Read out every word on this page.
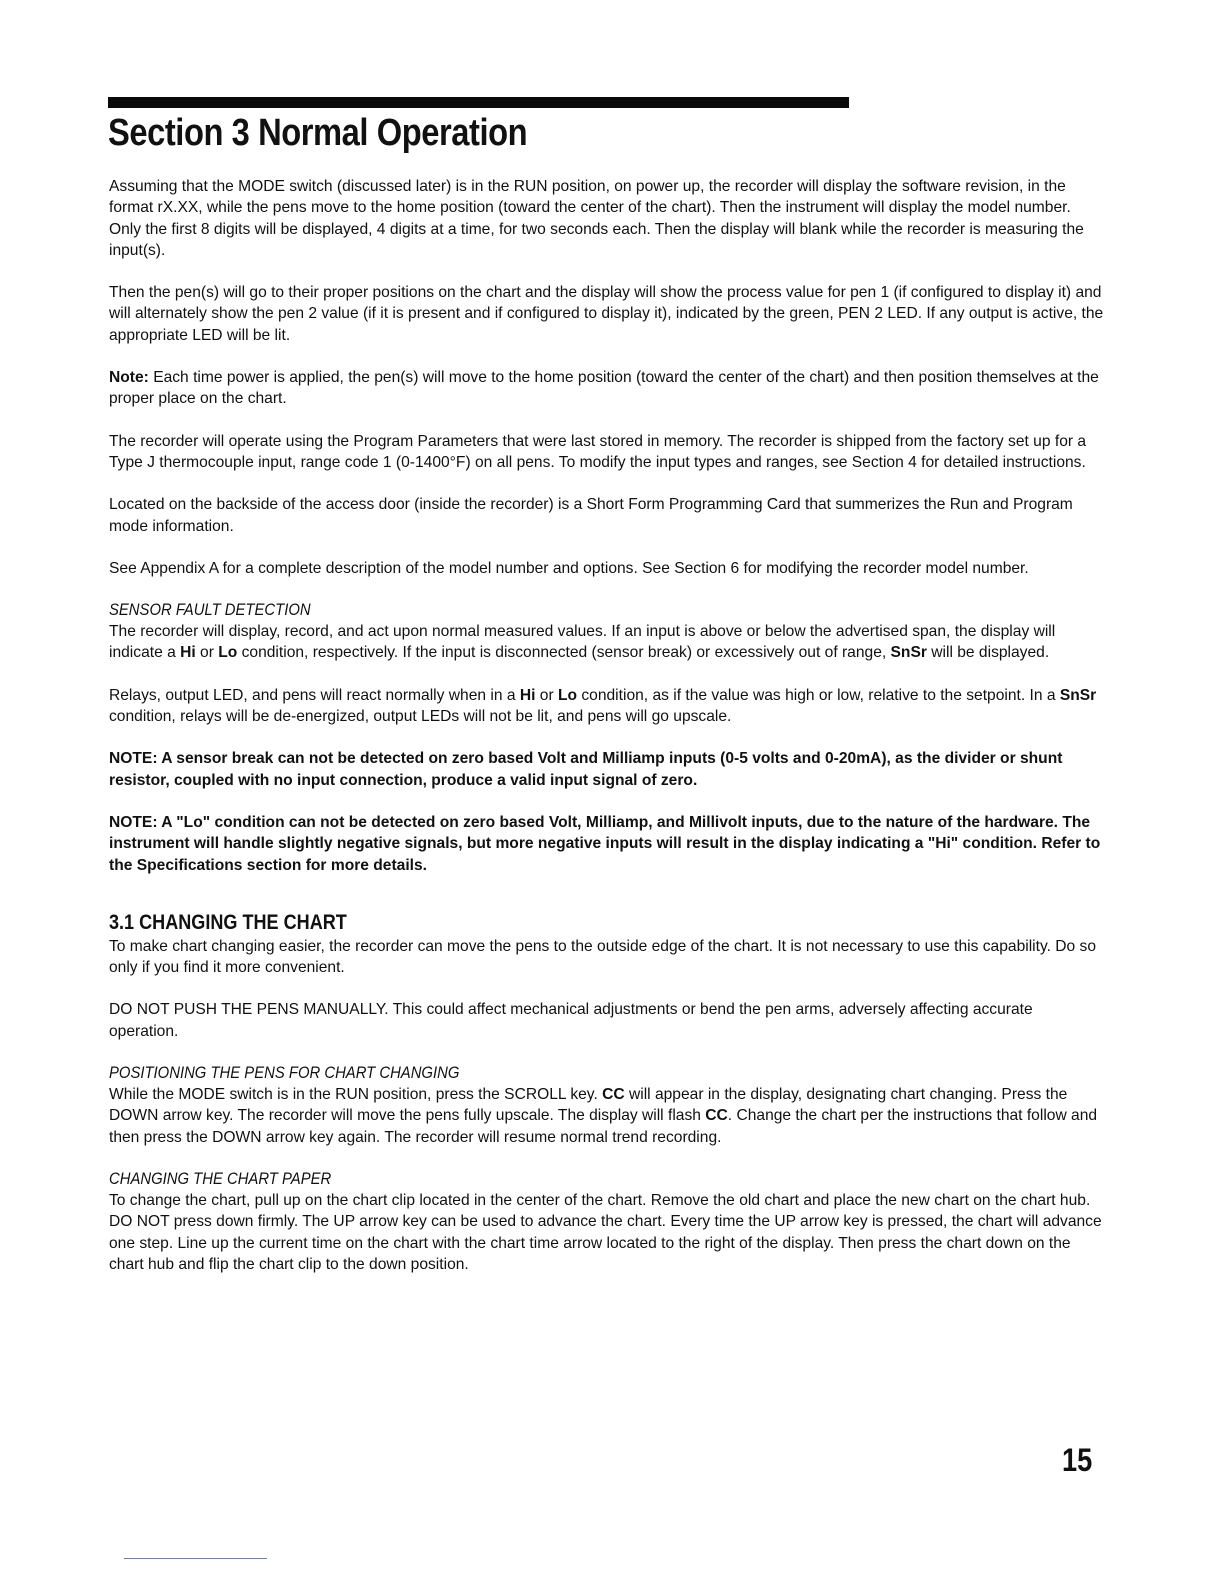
Section 3 Normal Operation

Assuming that the MODE switch (discussed later) is in the RUN position, on power up, the recorder will display the software revision, in the format rX.XX, while the pens move to the home position (toward the center of the chart). Then the instrument will display the model number. Only the first 8 digits will be displayed, 4 digits at a time, for two seconds each. Then the display will blank while the recorder is measuring the input(s).

Then the pen(s) will go to their proper positions on the chart and the display will show the process value for pen 1 (if configured to display it) and will alternately show the pen 2 value (if it is present and if configured to display it), indicated by the green, PEN 2 LED. If any output is active, the appropriate LED will be lit.

Note: Each time power is applied, the pen(s) will move to the home position (toward the center of the chart) and then position themselves at the proper place on the chart.

The recorder will operate using the Program Parameters that were last stored in memory. The recorder is shipped from the factory set up for a Type J thermocouple input, range code 1 (0-1400°F) on all pens. To modify the input types and ranges, see Section 4 for detailed instructions.

Located on the backside of the access door (inside the recorder) is a Short Form Programming Card that summerizes the Run and Program mode information.

See Appendix A for a complete description of the model number and options. See Section 6 for modifying the recorder model number.

SENSOR FAULT DETECTION

The recorder will display, record, and act upon normal measured values. If an input is above or below the advertised span, the display will indicate a Hi or Lo condition, respectively. If the input is disconnected (sensor break) or excessively out of range, SnSr will be displayed.

Relays, output LED, and pens will react normally when in a Hi or Lo condition, as if the value was high or low, relative to the setpoint. In a SnSr condition, relays will be de-energized, output LEDs will not be lit, and pens will go upscale.

NOTE: A sensor break can not be detected on zero based Volt and Milliamp inputs (0-5 volts and 0-20mA), as the divider or shunt resistor, coupled with no input connection, produce a valid input signal of zero.

NOTE: A "Lo" condition can not be detected on zero based Volt, Milliamp, and Millivolt inputs, due to the nature of the hardware. The instrument will handle slightly negative signals, but more negative inputs will result in the display indicating a "Hi" condition. Refer to the Specifications section for more details.

3.1 CHANGING THE CHART

To make chart changing easier, the recorder can move the pens to the outside edge of the chart. It is not necessary to use this capability. Do so only if you find it more convenient.

DO NOT PUSH THE PENS MANUALLY. This could affect mechanical adjustments or bend the pen arms, adversely affecting accurate operation.

POSITIONING THE PENS FOR CHART CHANGING

While the MODE switch is in the RUN position, press the SCROLL key. CC will appear in the display, designating chart changing. Press the DOWN arrow key. The recorder will move the pens fully upscale. The display will flash CC. Change the chart per the instructions that follow and then press the DOWN arrow key again. The recorder will resume normal trend recording.

CHANGING THE CHART PAPER

To change the chart, pull up on the chart clip located in the center of the chart. Remove the old chart and place the new chart on the chart hub. DO NOT press down firmly. The UP arrow key can be used to advance the chart. Every time the UP arrow key is pressed, the chart will advance one step. Line up the current time on the chart with the chart time arrow located to the right of the display. Then press the chart down on the chart hub and flip the chart clip to the down position.

15
